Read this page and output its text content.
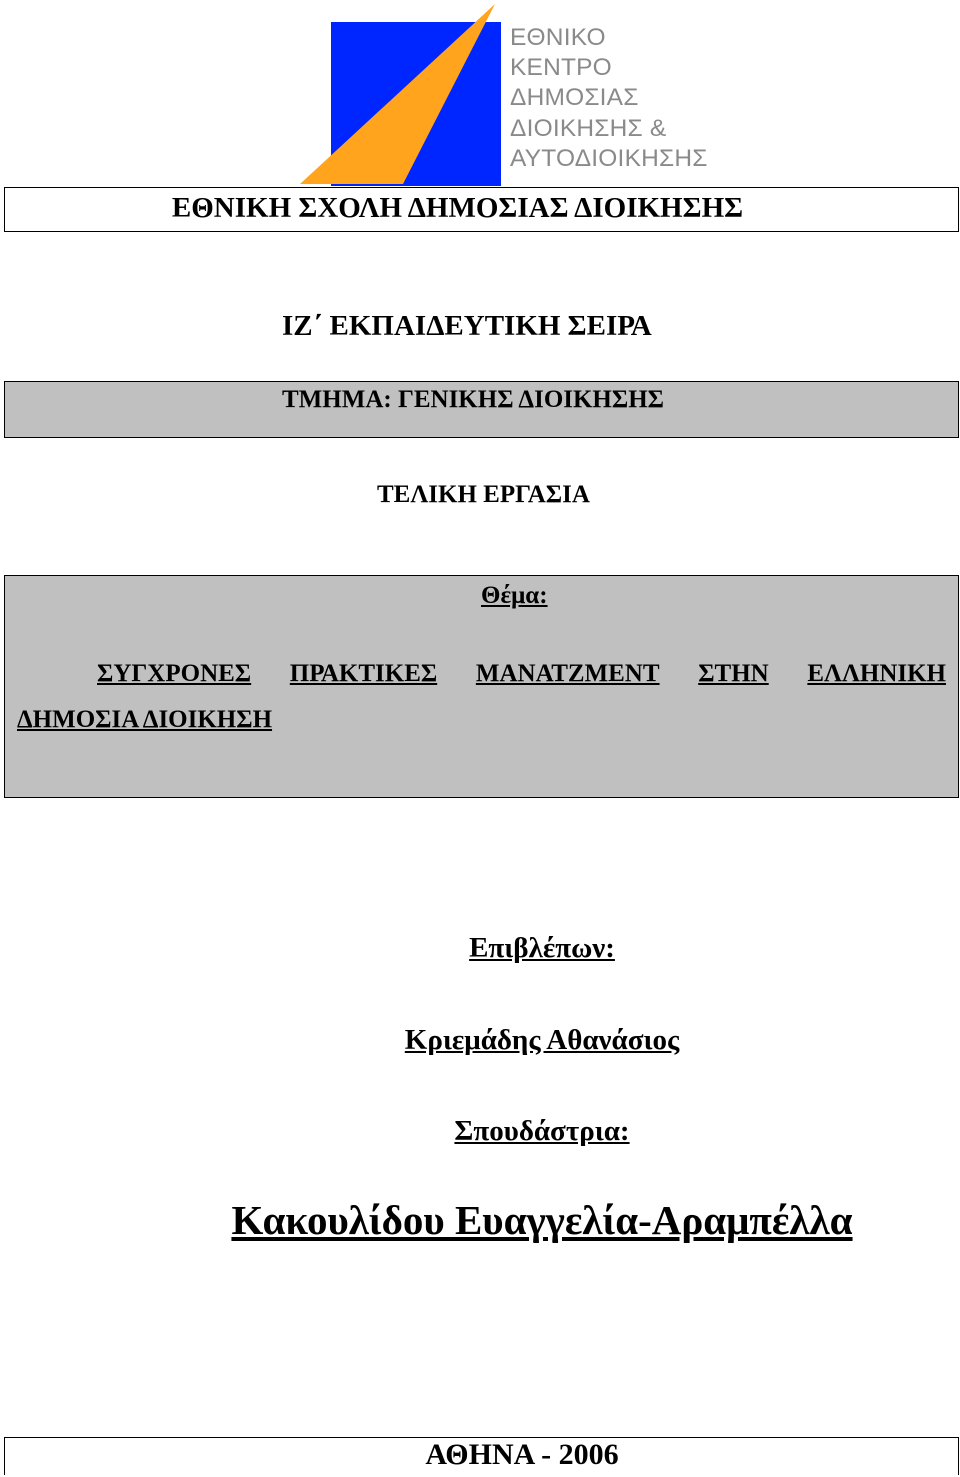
ΕΘΝΙΚΟ
ΚΕΝΤΡΟ
ΔΗΜΟΣΙΑΣ
ΔΙΟΙΚΗΣΗΣ &
ΑΥΤΟΔΙΟΙΚΗΣΗΣ
ΕΘΝΙΚΗ ΣΧΟΛΗ ΔΗΜΟΣΙΑΣ ΔΙΟΙΚΗΣΗΣ
ΙΖ΄ ΕΚΠΑΙΔΕΥΤΙΚΗ ΣΕΙΡΑ
ΤΜΗΜΑ: ΓΕΝΙΚΗΣ ΔΙΟΙΚΗΣΗΣ
ΤΕΛΙΚΗ ΕΡΓΑΣΙΑ
Θέμα:
ΣΥΓΧΡΟΝΕΣ ΠΡΑΚΤΙΚΕΣ ΜΑΝΑΤΖΜΕΝΤ ΣΤΗΝ ΕΛΛΗΝΙΚΗ
ΔΗΜΟΣΙΑ ΔΙΟΙΚΗΣΗ
Επιβλέπων:
Κριεμάδης Αθανάσιος
Σπουδάστρια:
Κακουλίδου Ευαγγελία-Αραμπέλλα
ΑΘΗΝΑ - 2006
